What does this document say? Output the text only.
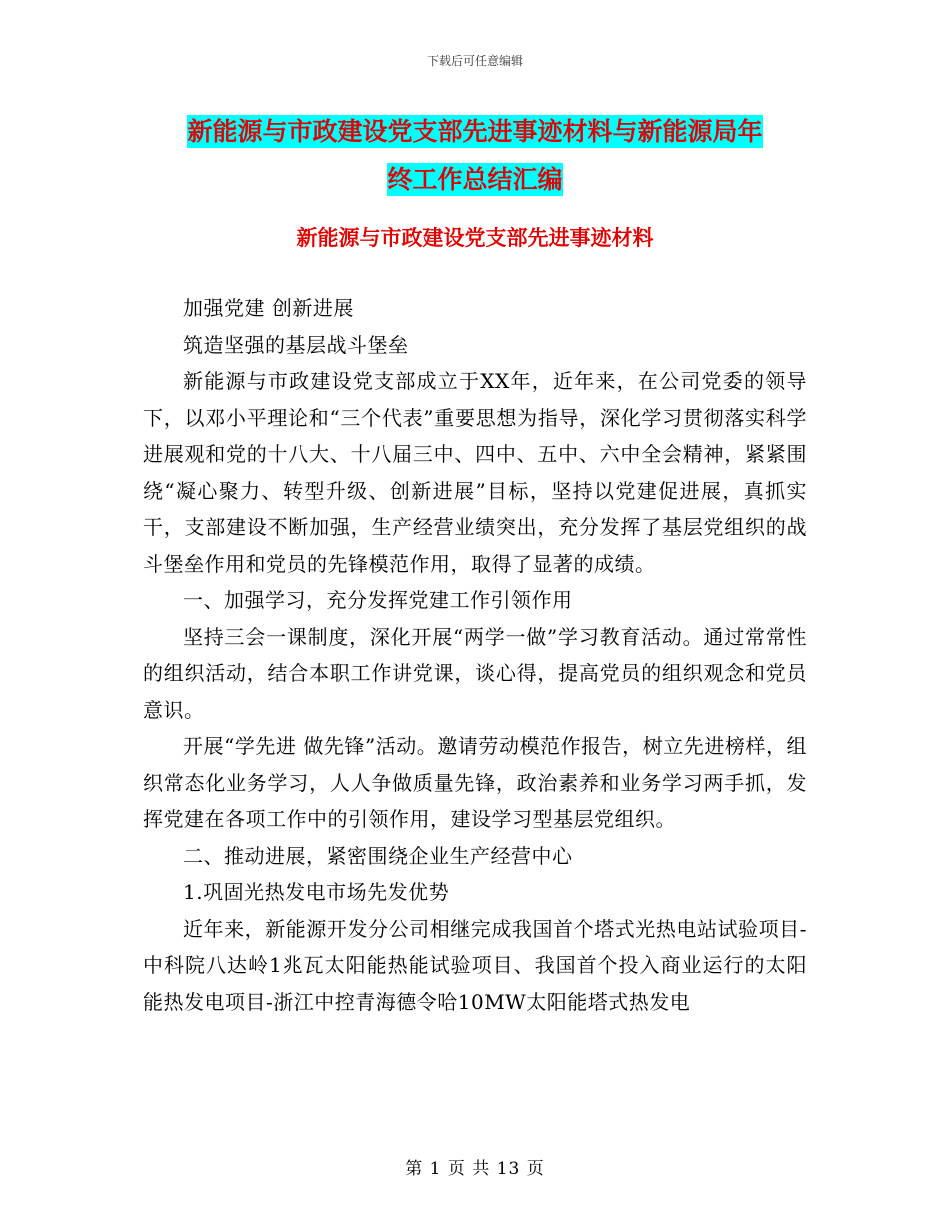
下载后可任意编辑
新能源与市政建设党支部先进事迹材料与新能源局年
终工作总结汇编
新能源与市政建设党支部先进事迹材料

加强党建 创新进展

筑造坚强的基层战斗堡垒

新能源与市政建设党支部成立于XX年，近年来，在公司党委的领导下，以邓小平理论和“三个代表”重要思想为指导，深化学习贯彻落实科学进展观和党的十八大、十八届三中、四中、五中、六中全会精神，紧紧围绕“凝心聚力、转型升级、创新进展”目标，坚持以党建促进展，真抓实干，支部建设不断加强，生产经营业绩突出，充分发挥了基层党组织的战斗堡垒作用和党员的先锋模范作用，取得了显著的成绩。

一、加强学习，充分发挥党建工作引领作用

坚持三会一课制度，深化开展“两学一做”学习教育活动。通过常常性的组织活动，结合本职工作讲党课，谈心得，提高党员的组织观念和党员意识。

开展“学先进 做先锋”活动。邀请劳动模范作报告，树立先进榜样，组织常态化业务学习，人人争做质量先锋，政治素养和业务学习两手抓，发挥党建在各项工作中的引领作用，建设学习型基层党组织。

二、推动进展，紧密围绕企业生产经营中心

1.巩固光热发电市场先发优势

近年来，新能源开发分公司相继完成我国首个塔式光热电站试验项目-中科院八达岭1兆瓦太阳能热能试验项目、我国首个投入商业运行的太阳能热发电项目-浙江中控青海德令哈10MW太阳能塔式热发电

第 1 页 共 13 页
